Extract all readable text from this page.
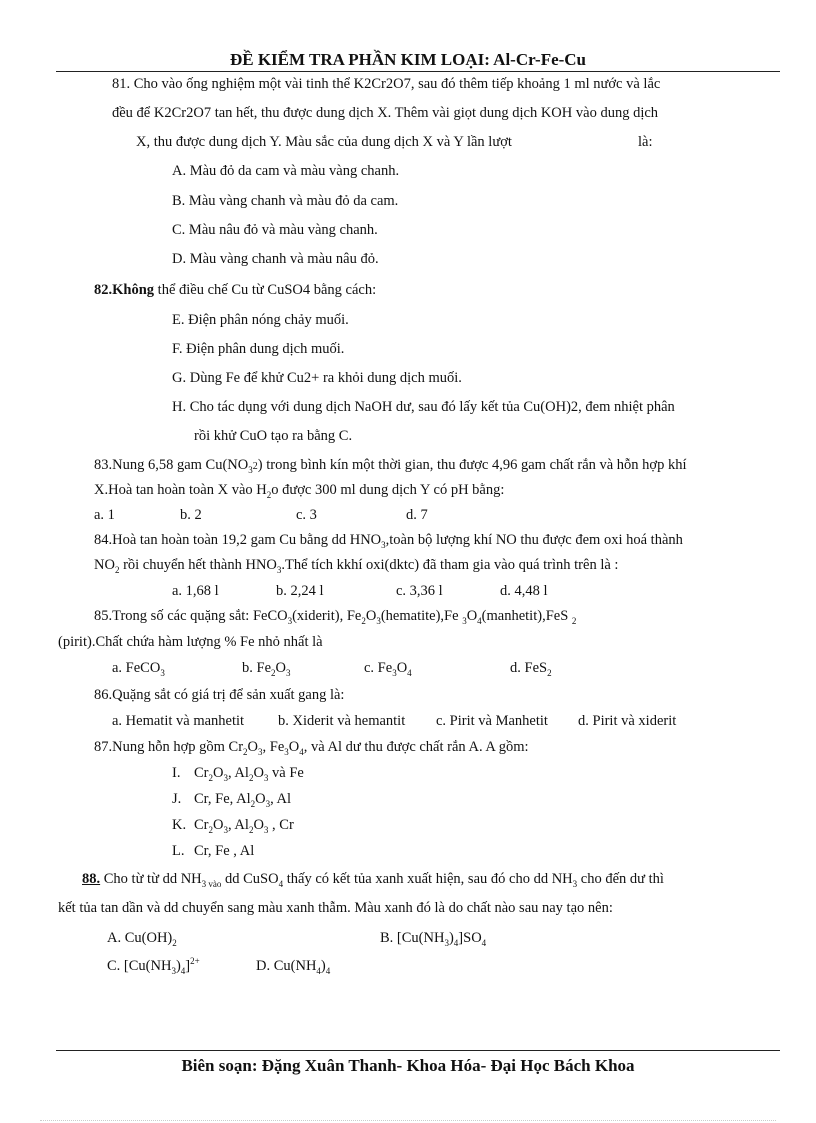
ĐỀ KIỂM TRA PHẦN KIM LOẠI: Al-Cr-Fe-Cu
81. Cho vào ống nghiệm một vài tinh thể K2Cr2O7, sau đó thêm tiếp khoảng 1 ml nước và lắc
đều để K2Cr2O7 tan hết, thu được dung dịch X. Thêm vài giọt dung dịch KOH vào dung dịch
X, thu được dung dịch Y. Màu sắc của dung dịch X và Y lần lượt	là:
A. Màu đỏ da cam và màu vàng chanh.
B. Màu vàng chanh và màu đỏ da cam.
C. Màu nâu đỏ và màu vàng chanh.
D. Màu vàng chanh và màu nâu đỏ.
82.Không thể điều chế Cu từ CuSO4 bằng cách:
E. Điện phân nóng chảy muối.
F. Điện phân dung dịch muối.
G. Dùng Fe để khử Cu2+ ra khỏi dung dịch muối.
H. Cho tác dụng với dung dịch NaOH dư, sau đó lấy kết tủa Cu(OH)2, đem nhiệt phân
rồi khử CuO tạo ra bằng C.
83.Nung 6,58 gam $Cu(NO_32)$ trong bình kín một thời gian, thu được 4,96 gam chất rắn và hỗn hợp khí
X.Hoà tan hoàn toàn X vào $H_2o$ được 300 ml dung dịch Y có pH bằng:
a. 1	b. 2	c. 3	d. 7
84.Hoà tan hoàn toàn 19,2 gam Cu bằng dd $HNO_3,toàn$ bộ lượng khí NO thu được đem oxi hoá thành
$NO_2$ rồi chuyển hết thành $HNO_3.Thể$ tích kkhí oxi(dktc) đã tham gia vào quá trình trên là :
a. 1,68 l	b. 2,24 l	c. 3,36 l	d. 4,48 l
85.Trong số các quặng sắt: FeCO$_3$(xiderit), $Fe_2O_3(hematite),Fe$ $_3O_4(manhetit),FeS$ $_2$
(pirit).Chất chứa hàm lượng % Fe nhỏ nhất là
a. FeCO$_3$	b. $Fe_2O_3$	c. $Fe_3O_4$	d. FeS$_2$
86.Quặng sắt có giá trị để sản xuất gang là:
a. Hematit và manhetit b. Xiderit và hemantit c. Pirit và Manhetit d. Pirit và xiderit
87.Nung hỗn hợp gồm $Cr_2O_3$, $Fe_3O_4$, và Al dư thu được chất rắn A. A gồm:
I. $Cr_2O_3$, $Al_2O_3$ và Fe
J. Cr, Fe, $Al_2O_3$, Al
K. $Cr_2O_3$, $Al_2O_3$ , Cr
L. Cr, Fe , Al
88. Cho từ từ dd $NH_{3 vào}$ dd CuSO$_4$ thấy có kết tủa xanh xuất hiện, sau đó cho dd $NH_3$ cho đến dư thì
kết tủa tan dần và dd chuyển sang màu xanh thẫm. Màu xanh đó là do chất nào sau nay tạo nên:
A. $Cu(OH)_2$	B. $[Cu(NH_3)_4]SO_4$
C. $[Cu(NH_3)_4]^{2+}$	D. $Cu(NH_4)_4$
Biên soạn: Đặng Xuân Thanh- Khoa Hóa- Đại Học Bách Khoa
